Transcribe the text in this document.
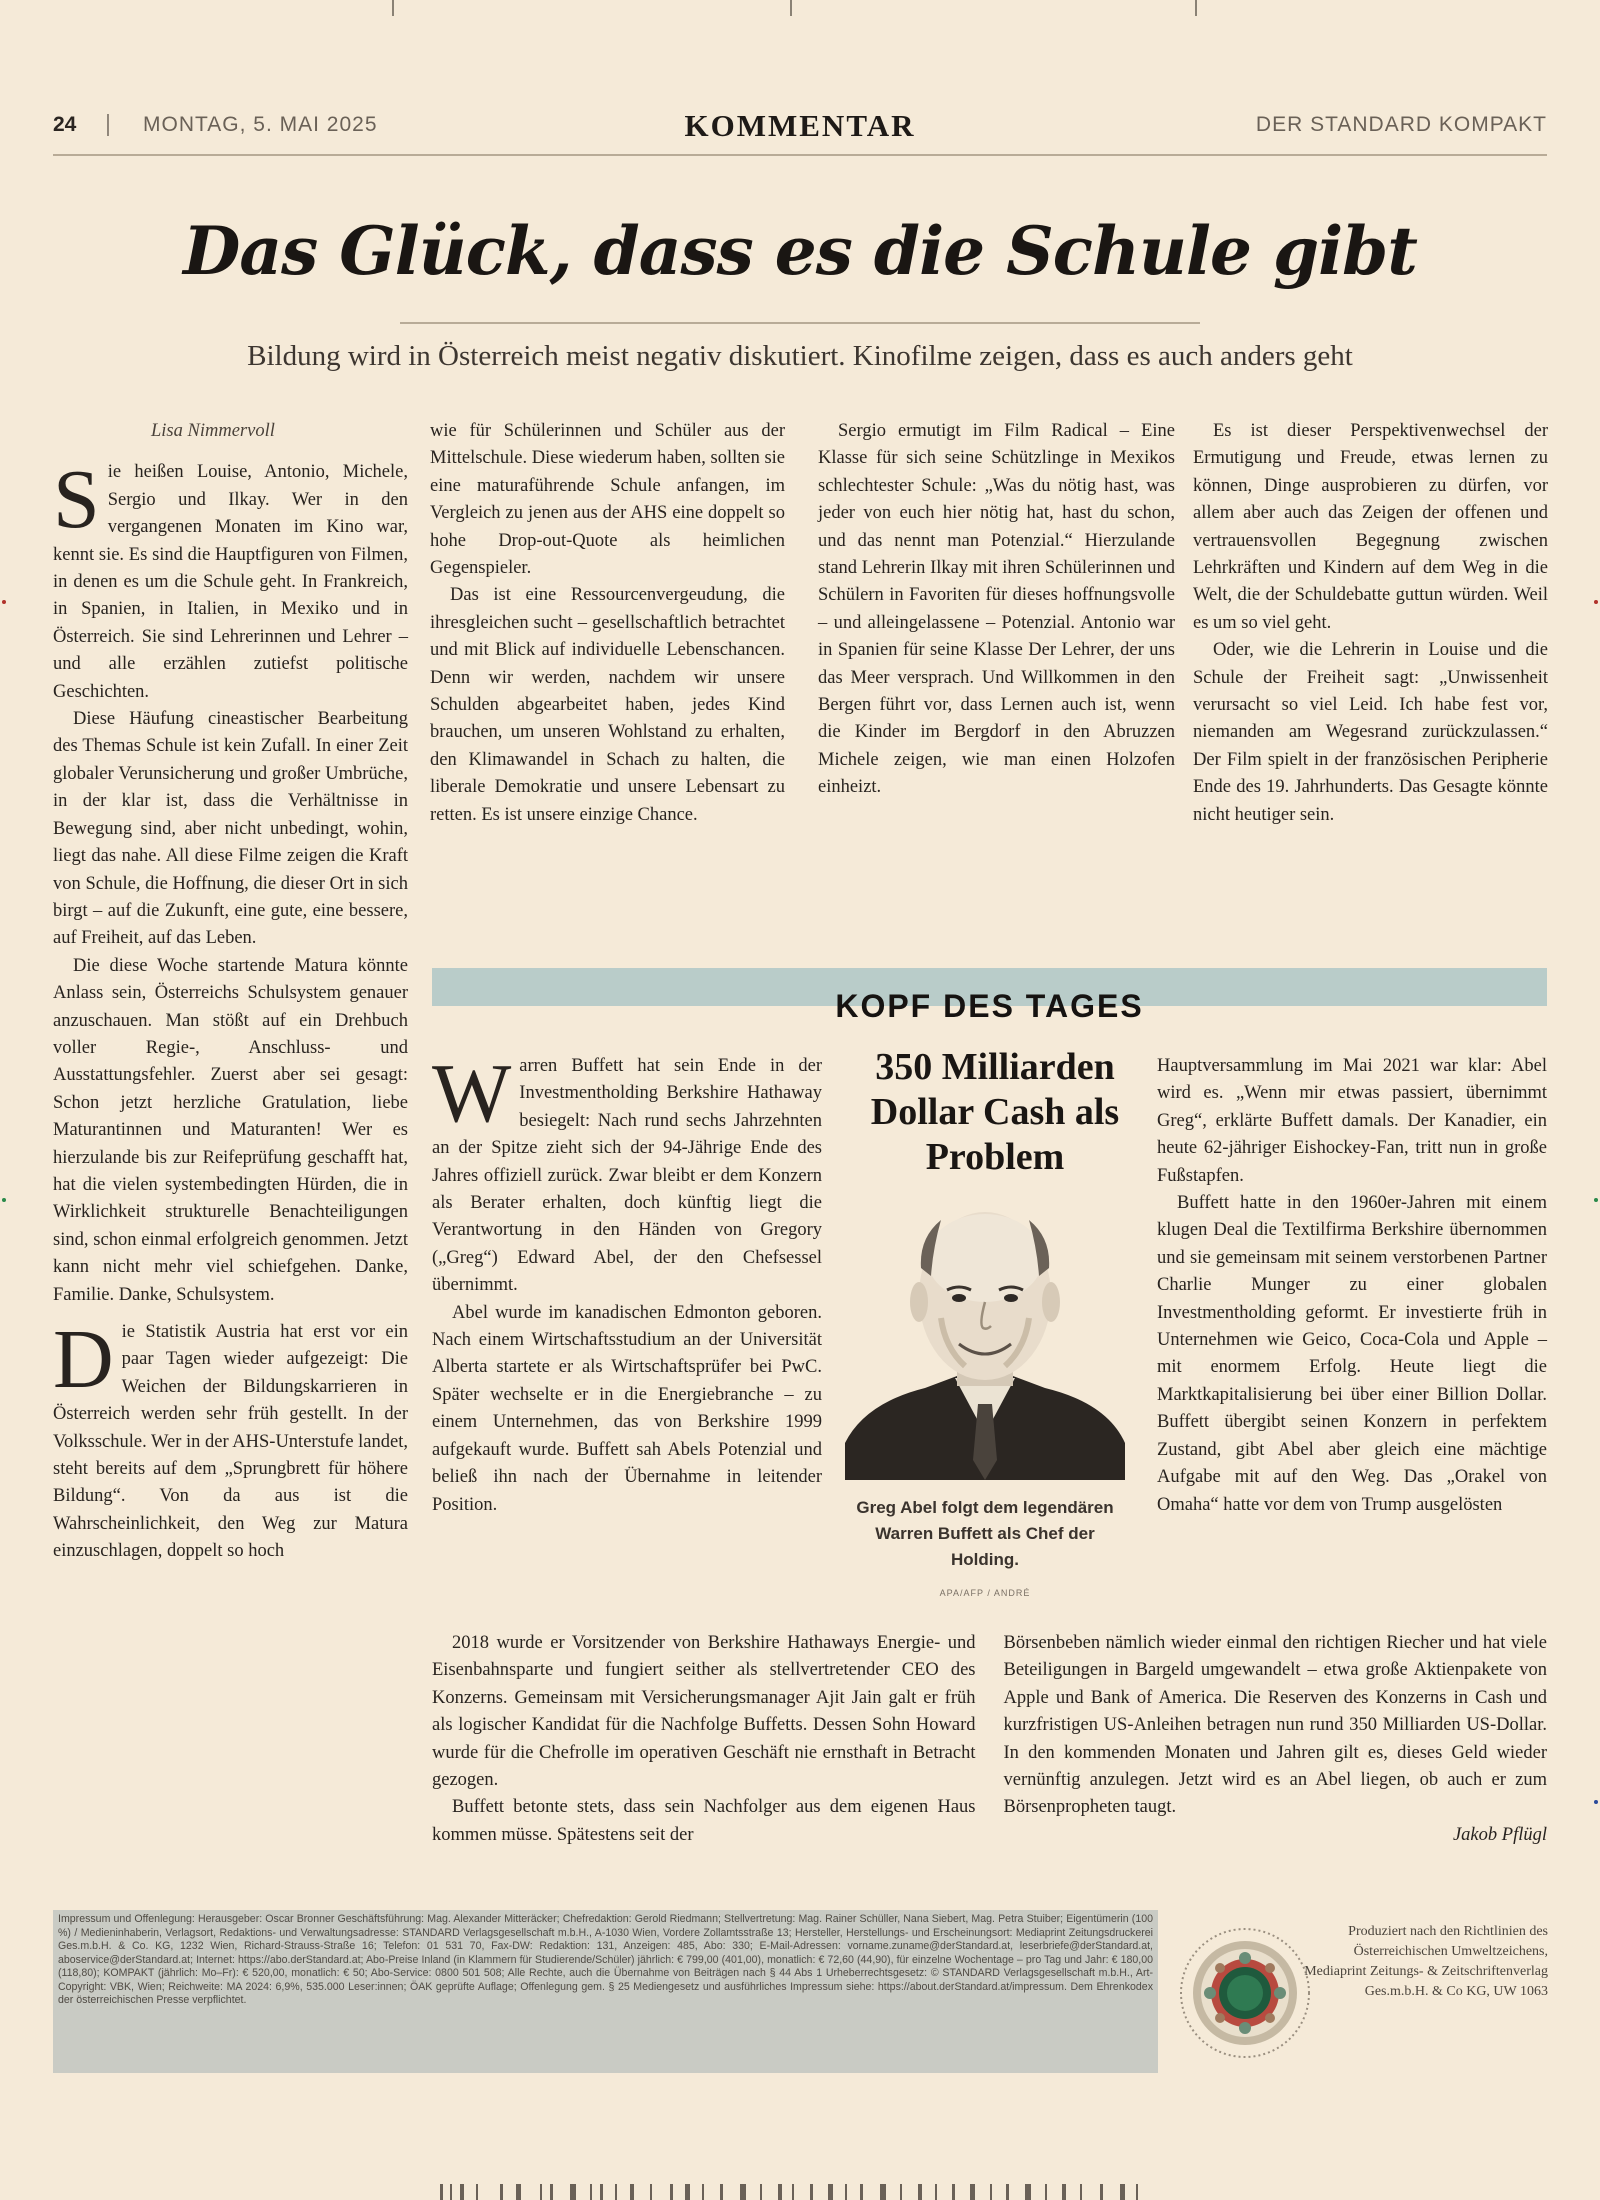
24 | MONTAG, 5. MAI 2025	KOMMENTAR	DER STANDARD KOMPAKT
Das Glück, dass es die Schule gibt
Bildung wird in Österreich meist negativ diskutiert. Kinofilme zeigen, dass es auch anders geht

Lisa Nimmervoll

Sie heißen Louise, Antonio, Michele, Sergio und Ilkay. Wer in den vergangenen Monaten im Kino war, kennt sie. Es sind die Hauptfiguren von Filmen, in denen es um die Schule geht. In Frankreich, in Spanien, in Italien, in Mexiko und in Österreich. Sie sind Lehrerinnen und Lehrer – und alle erzählen zutiefst politische Geschichten.

Diese Häufung cineastischer Bearbeitung des Themas Schule ist kein Zufall. In einer Zeit globaler Verunsicherung und großer Umbrüche, in der klar ist, dass die Verhältnisse in Bewegung sind, aber nicht unbedingt, wohin, liegt das nahe. All diese Filme zeigen die Kraft von Schule, die Hoffnung, die dieser Ort in sich birgt – auf die Zukunft, eine gute, eine bessere, auf Freiheit, auf das Leben.

Die diese Woche startende Matura könnte Anlass sein, Österreichs Schulsystem genauer anzuschauen. Man stößt auf ein Drehbuch voller Regie-, Anschluss- und Ausstattungsfehler. Zuerst aber sei gesagt: Schon jetzt herzliche Gratulation, liebe Maturantinnen und Maturanten! Wer es hierzulande bis zur Reifeprüfung geschafft hat, hat die vielen systembedingten Hürden, die in Wirklichkeit strukturelle Benachteiligungen sind, schon einmal erfolgreich genommen. Jetzt kann nicht mehr viel schiefgehen. Danke, Familie. Danke, Schulsystem.

Die Statistik Austria hat erst vor ein paar Tagen wieder aufgezeigt: Die Weichen der Bildungskarrieren in Österreich werden sehr früh gestellt. In der Volksschule. Wer in der AHS-Unterstufe landet, steht bereits auf dem „Sprungbrett für höhere Bildung“. Von da aus ist die Wahrscheinlichkeit, den Weg zur Matura einzuschlagen, doppelt so hoch

wie für Schülerinnen und Schüler aus der Mittelschule. Diese wiederum haben, sollten sie eine maturaführende Schule anfangen, im Vergleich zu jenen aus der AHS eine doppelt so hohe Drop-out-Quote als heimlichen Gegenspieler.

Das ist eine Ressourcenvergeudung, die ihresgleichen sucht – gesellschaftlich betrachtet und mit Blick auf individuelle Lebenschancen. Denn wir werden, nachdem wir unsere Schulden abgearbeitet haben, jedes Kind brauchen, um unseren Wohlstand zu erhalten, den Klimawandel in Schach zu halten, die liberale Demokratie und unsere Lebensart zu retten. Es ist unsere einzige Chance.

Sergio ermutigt im Film Radical – Eine Klasse für sich seine Schützlinge in Mexikos schlechtester Schule: „Was du nötig hast, was jeder von euch hier nötig hat, hast du schon, und das nennt man Potenzial.“ Hierzulande stand Lehrerin Ilkay mit ihren Schülerinnen und Schülern in Favoriten für dieses hoffnungsvolle – und alleingelassene – Potenzial. Antonio war in Spanien für seine Klasse Der Lehrer, der uns das Meer versprach. Und Willkommen in den Bergen führt vor, dass Lernen auch ist, wenn die Kinder im Bergdorf in den Abruzzen Michele zeigen, wie man einen Holzofen einheizt.

Es ist dieser Perspektivenwechsel der Ermutigung und Freude, etwas lernen zu können, Dinge ausprobieren zu dürfen, vor allem aber auch das Zeigen der offenen und vertrauensvollen Begegnung zwischen Lehrkräften und Kindern auf dem Weg in die Welt, die der Schuldebatte guttun würden. Weil es um so viel geht.

Oder, wie die Lehrerin in Louise und die Schule der Freiheit sagt: „Unwissenheit verursacht so viel Leid. Ich habe fest vor, niemanden am Wegesrand zurückzulassen.“ Der Film spielt in der französischen Peripherie Ende des 19. Jahrhunderts. Das Gesagte könnte nicht heutiger sein.

KOPF DES TAGES
350 Milliarden Dollar Cash als Problem
Greg Abel folgt dem legendären Warren Buffett als Chef der Holding.
APA/AFP / ANDRÉ

Warren Buffett hat sein Ende in der Investmentholding Berkshire Hathaway besiegelt: Nach rund sechs Jahrzehnten an der Spitze zieht sich der 94-Jährige Ende des Jahres offiziell zurück. Zwar bleibt er dem Konzern als Berater erhalten, doch künftig liegt die Verantwortung in den Händen von Gregory („Greg“) Edward Abel, der den Chefsessel übernimmt.

Abel wurde im kanadischen Edmonton geboren. Nach einem Wirtschaftsstudium an der Universität Alberta startete er als Wirtschaftsprüfer bei PwC. Später wechselte er in die Energiebranche – zu einem Unternehmen, das von Berkshire 1999 aufgekauft wurde. Buffett sah Abels Potenzial und beließ ihn nach der Übernahme in leitender Position.

Hauptversammlung im Mai 2021 war klar: Abel wird es. „Wenn mir etwas passiert, übernimmt Greg“, erklärte Buffett damals. Der Kanadier, ein heute 62-jähriger Eishockey-Fan, tritt nun in große Fußstapfen.

Buffett hatte in den 1960er-Jahren mit einem klugen Deal die Textilfirma Berkshire übernommen und sie gemeinsam mit seinem verstorbenen Partner Charlie Munger zu einer globalen Investmentholding geformt. Er investierte früh in Unternehmen wie Geico, Coca-Cola und Apple – mit enormem Erfolg. Heute liegt die Marktkapitalisierung bei über einer Billion Dollar. Buffett übergibt seinen Konzern in perfektem Zustand, gibt Abel aber gleich eine mächtige Aufgabe mit auf den Weg. Das „Orakel von Omaha“ hatte vor dem von Trump ausgelösten

2018 wurde er Vorsitzender von Berkshire Hathaways Energie- und Eisenbahnsparte und fungiert seither als stellvertretender CEO des Konzerns. Gemeinsam mit Versicherungsmanager Ajit Jain galt er früh als logischer Kandidat für die Nachfolge Buffetts. Dessen Sohn Howard wurde für die Chefrolle im operativen Geschäft nie ernsthaft in Betracht gezogen.

Buffett betonte stets, dass sein Nachfolger aus dem eigenen Haus kommen müsse. Spätestens seit der

Börsenbeben nämlich wieder einmal den richtigen Riecher und hat viele Beteiligungen in Bargeld umgewandelt – etwa große Aktienpakete von Apple und Bank of America. Die Reserven des Konzerns in Cash und kurzfristigen US-Anleihen betragen nun rund 350 Milliarden US-Dollar. In den kommenden Monaten und Jahren gilt es, dieses Geld wieder vernünftig anzulegen. Jetzt wird es an Abel liegen, ob auch er zum Börsenpropheten taugt.

Jakob Pflügl

Impressum und Offenlegung: Herausgeber: Oscar Bronner Geschäftsführung: Mag. Alexander Mitteräcker; Chefredaktion: Gerold Riedmann; Stellvertretung: Mag. Rainer Schüller, Nana Siebert, Mag. Petra Stuiber; Eigentümerin (100 %) / Medieninhaberin, Verlagsort, Redaktions- und Verwaltungsadresse: STANDARD Verlagsgesellschaft m.b.H., A-1030 Wien, Vordere Zollamtsstraße 13; Hersteller, Herstellungs- und Erscheinungsort: Mediaprint Zeitungsdruckerei Ges.m.b.H. & Co. KG, 1232 Wien, Richard-Strauss-Straße 16; Telefon: 01 531 70, Fax-DW: Redaktion: 131, Anzeigen: 485, Abo: 330; E-Mail-Adressen: vorname.zuname@derStandard.at, leserbriefe@derStandard.at, aboservice@derStandard.at; Internet: https://abo.derStandard.at; Abo-Preise Inland (in Klammern für Studierende/Schüler) jährlich: € 799,00 (401,00), monatlich: € 72,60 (44,90), für einzelne Wochentage – pro Tag und Jahr: € 180,00 (118,80); KOMPAKT (jährlich: Mo–Fr): € 520,00, monatlich: € 50; Abo-Service: 0800 501 508; Alle Rechte, auch die Übernahme von Beiträgen nach § 44 Abs 1 Urheberrechtsgesetz: © STANDARD Verlagsgesellschaft m.b.H., Art-Copyright: VBK, Wien; Reichweite: MA 2024: 6,9%, 535.000 Leser:innen; ÖAK geprüfte Auflage; Offenlegung gem. § 25 Mediengesetz und ausführliches Impressum siehe: https://about.derStandard.at/impressum. Dem Ehrenkodex der österreichischen Presse verpflichtet.
Produziert nach den Richtlinien des Österreichischen Umweltzeichens, Mediaprint Zeitungs- & Zeitschriftenverlag Ges.m.b.H. & Co KG, UW 1063
